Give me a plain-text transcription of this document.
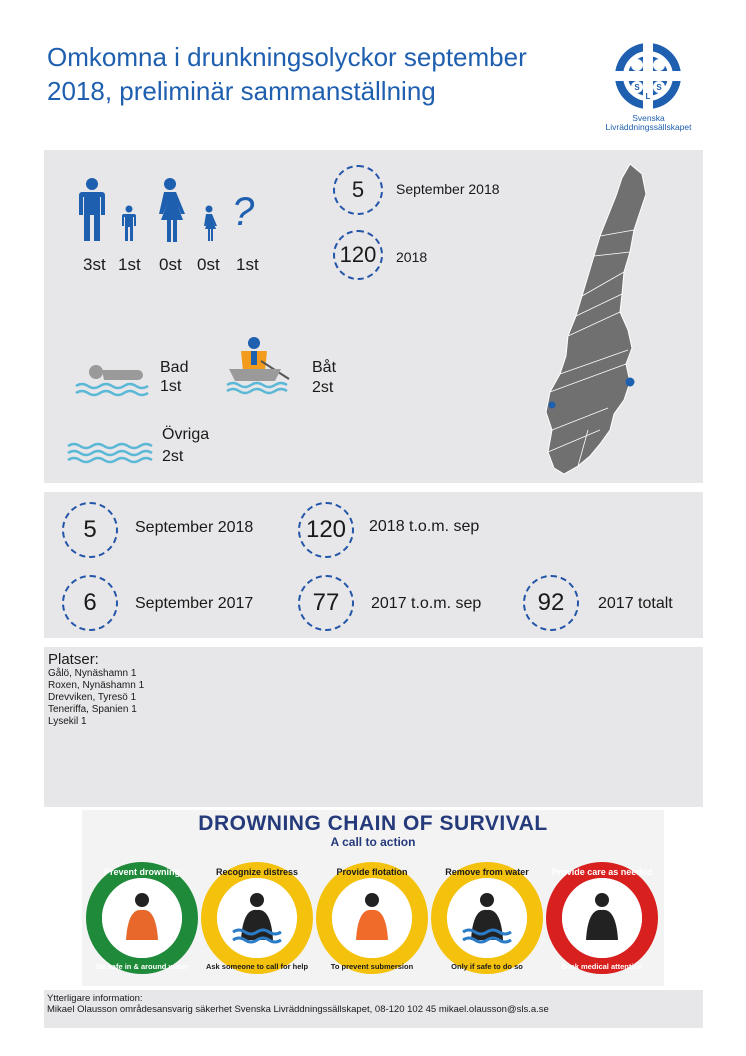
Omkomna i drunkningsolyckor september 2018, preliminär sammanställning	S
L
S
Svenska
Livräddningssällskapet
?
3st 1st 0st 0st 1st
5 September 2018
120 2018
Bad
1st
Båt
2st
Övriga
2st
5 September 2018 120 2018 t.o.m. sep
6 September 2017 77 2017 t.o.m. sep 92 2017 totalt
Platser:
Gålö, Nynäshamn 1
Roxen, Nynäshamn 1
Drevviken, Tyresö 1
Teneriffa, Spanien 1
Lysekil 1
DROWNING CHAIN OF SURVIVAL
A call to action
Prevent drowning
Be safe in & around water
Recognize distress
Ask someone to call for help
Provide flotation
To prevent submersion
Remove from water
Only if safe to do so
Provide care as needed
Seek medical attention
Ytterligare information:
Mikael Olausson områdesansvarig säkerhet Svenska Livräddningssällskapet, 08-120 102 45 mikael.olausson@sls.a.se
